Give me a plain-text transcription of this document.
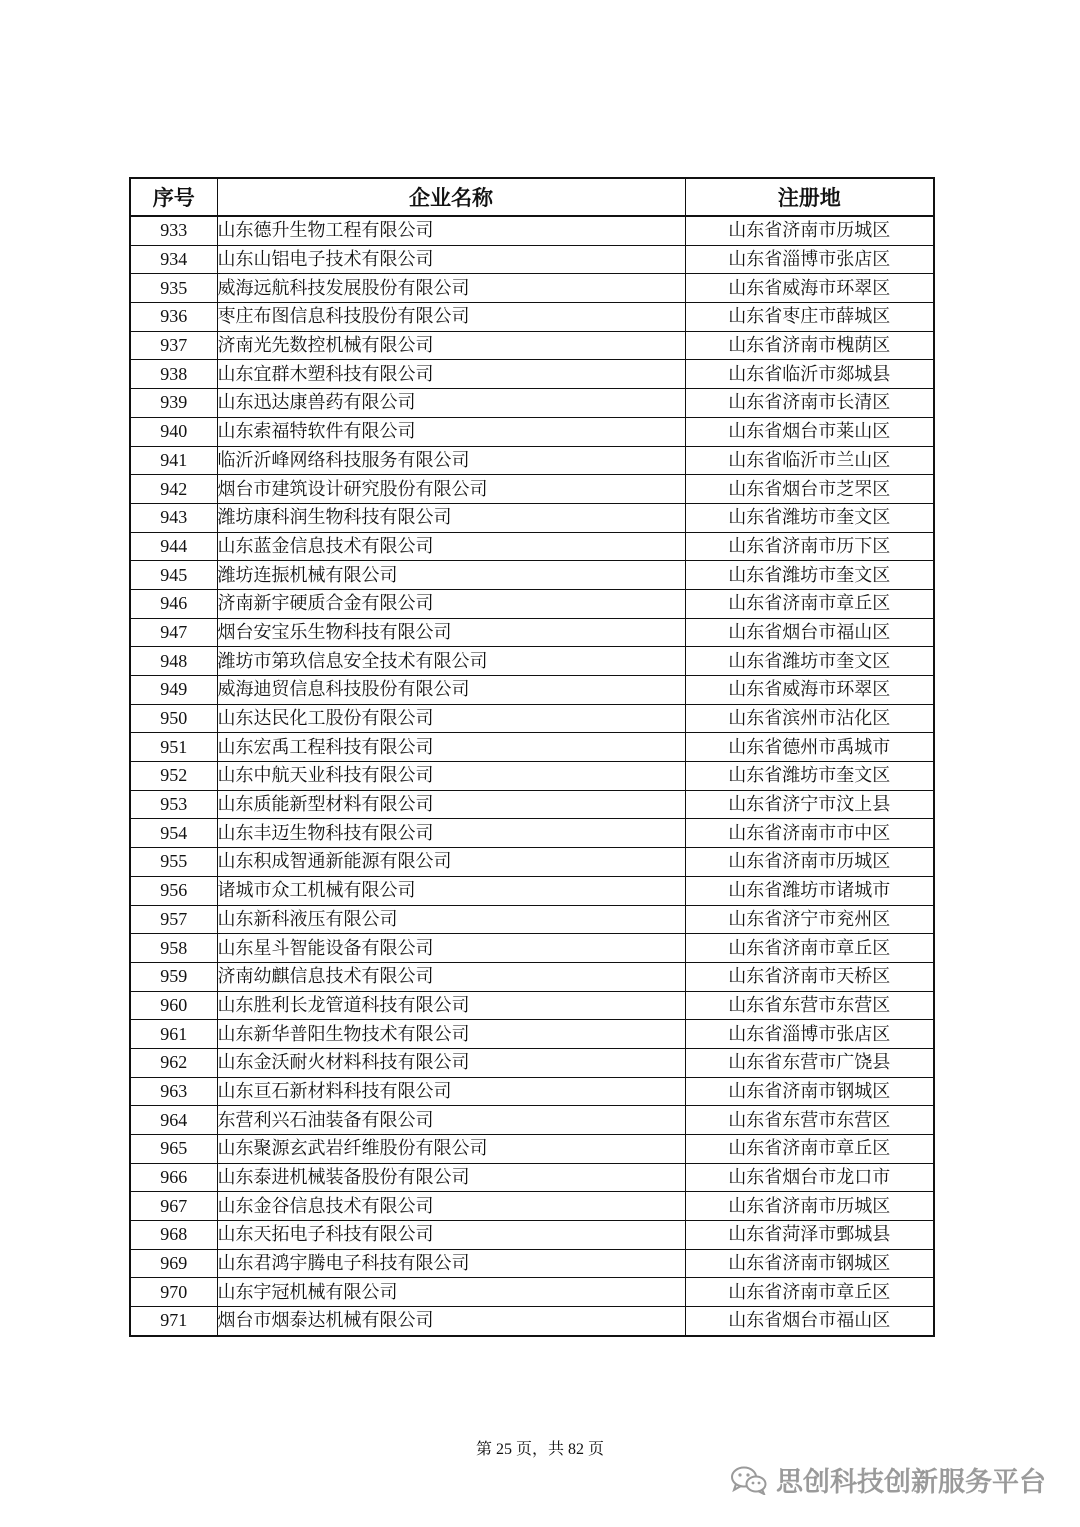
序号	企业名称	注册地
933	山东德升生物工程有限公司	山东省济南市历城区
934	山东山铝电子技术有限公司	山东省淄博市张店区
935	威海远航科技发展股份有限公司	山东省威海市环翠区
936	枣庄布图信息科技股份有限公司	山东省枣庄市薛城区
937	济南光先数控机械有限公司	山东省济南市槐荫区
938	山东宜群木塑科技有限公司	山东省临沂市郯城县
939	山东迅达康兽药有限公司	山东省济南市长清区
940	山东索福特软件有限公司	山东省烟台市莱山区
941	临沂沂峰网络科技服务有限公司	山东省临沂市兰山区
942	烟台市建筑设计研究股份有限公司	山东省烟台市芝罘区
943	潍坊康科润生物科技有限公司	山东省潍坊市奎文区
944	山东蓝金信息技术有限公司	山东省济南市历下区
945	潍坊连振机械有限公司	山东省潍坊市奎文区
946	济南新宇硬质合金有限公司	山东省济南市章丘区
947	烟台安宝乐生物科技有限公司	山东省烟台市福山区
948	潍坊市第玖信息安全技术有限公司	山东省潍坊市奎文区
949	威海迪贸信息科技股份有限公司	山东省威海市环翠区
950	山东达民化工股份有限公司	山东省滨州市沾化区
951	山东宏禹工程科技有限公司	山东省德州市禹城市
952	山东中航天业科技有限公司	山东省潍坊市奎文区
953	山东质能新型材料有限公司	山东省济宁市汶上县
954	山东丰迈生物科技有限公司	山东省济南市市中区
955	山东积成智通新能源有限公司	山东省济南市历城区
956	诸城市众工机械有限公司	山东省潍坊市诸城市
957	山东新科液压有限公司	山东省济宁市兖州区
958	山东星斗智能设备有限公司	山东省济南市章丘区
959	济南幼麒信息技术有限公司	山东省济南市天桥区
960	山东胜利长龙管道科技有限公司	山东省东营市东营区
961	山东新华普阳生物技术有限公司	山东省淄博市张店区
962	山东金沃耐火材料科技有限公司	山东省东营市广饶县
963	山东亘石新材料科技有限公司	山东省济南市钢城区
964	东营利兴石油装备有限公司	山东省东营市东营区
965	山东聚源玄武岩纤维股份有限公司	山东省济南市章丘区
966	山东泰进机械装备股份有限公司	山东省烟台市龙口市
967	山东金谷信息技术有限公司	山东省济南市历城区
968	山东天拓电子科技有限公司	山东省菏泽市鄄城县
969	山东君鸿宇腾电子科技有限公司	山东省济南市钢城区
970	山东宇冠机械有限公司	山东省济南市章丘区
971	烟台市烟泰达机械有限公司	山东省烟台市福山区
第 25 页，共 82 页
思创科技创新服务平台
